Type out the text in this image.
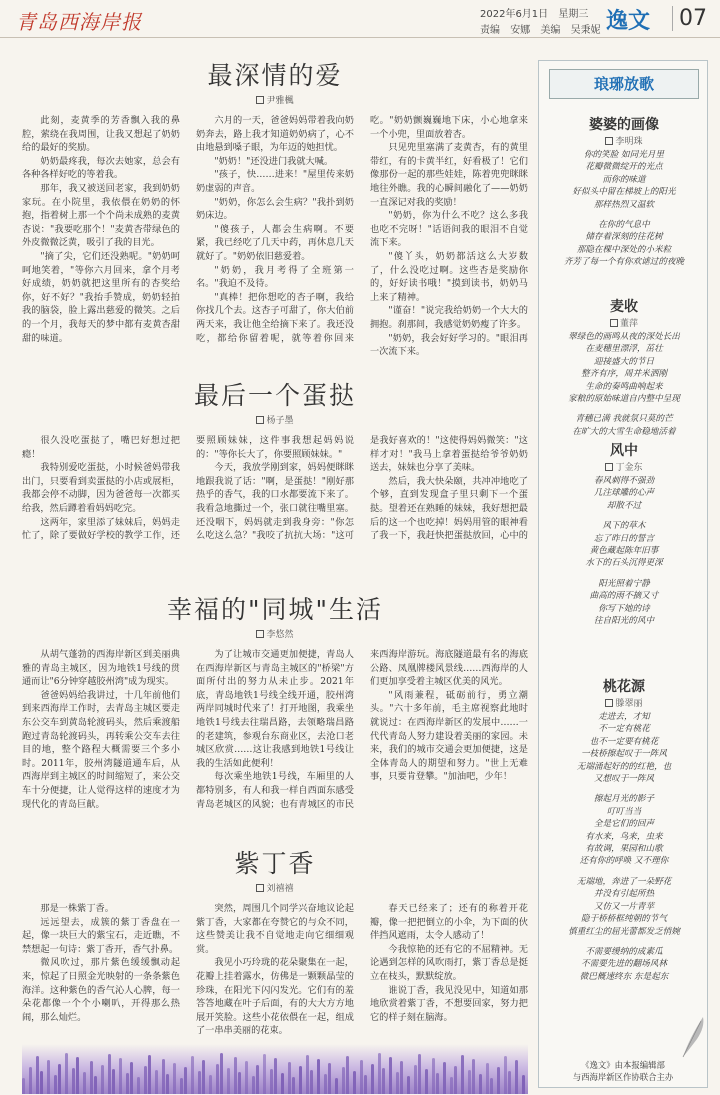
青岛西海岸报	2022年6月1日 星期三
责编 安娜 美编 吴秉妮 逸文	07
最深情的爱
尹雅楓

此刻，麦黄季的芳香飘入我的鼻腔，萦绕在我周围，让我又想起了奶奶给的最好的奖励。

奶奶最疼我，每次去她家，总会有各种各样好吃的等着我。

那年，我又被送回老家，我到奶奶家玩。在小院里，我依偎在奶奶的怀抱，指着树上那一个个尚未成熟的麦黄杏说："我要吃那个！"麦黄杏带绿色的外皮微微泛黄，吸引了我的目光。

"摘了尖，它们还没熟呢。"奶奶呵呵地笑着，"等你六月回来，拿个月考好成绩，奶奶就把这里所有的杏奖给你，好不好？"我抬手赞成，奶奶轻拍我的脑袋，脸上露出慈爱的微笑。之后的一个月，我每天的梦中都有麦黄杏甜甜的味道。

六月的一天，爸爸妈妈带着我向奶奶奔去，路上我才知道奶奶病了，心不由地悬到嗓子眼，为年迈的她担忧。

"奶奶！"还没进门我就大喊。

"孩子，快……进来！"屋里传来奶奶虚弱的声音。

"奶奶，你怎么会生病？"我扑到奶奶床边。

"傻孩子，人都会生病啊。不要紧，我已经吃了几天中药，再休息几天就好了。"奶奶依旧慈爱着。

"奶奶，我月考得了全班第一名。"我迫不及待。

"真棒！把你想吃的杏子啊，我给你找几个去。这杏子可甜了，你大伯前两天来，我让他全给摘下来了。我还没吃，都给你留着呢，就等着你回来吃。"奶奶颤巍巍地下床，小心地拿来一个小兜，里面放着杏。

只见兜里塞满了麦黄杏，有的黄里带红，有的卡黄半红，好看极了！它们像那份一起的那些娃娃，陈着兜兜眯眯地往外瞧。我的心瞬间融化了——奶奶一直深记对我的奖励！

"奶奶，你为什么不吃？这么多我也吃不完呀！"话语间我的眼泪不自觉流下来。

"傻丫头，奶奶都活这么大岁数了，什么没吃过啊。这些杏是奖励你的，好好读书哦！"摸到读书，奶奶马上来了精神。

"谨奋！"说完我给奶奶一个大大的拥抱。刹那间，我感觉奶奶瘦了许多。

"奶奶，我会好好学习的。"眼泪再一次流下来。

最后一个蛋挞
杨子墨

很久没吃蛋挞了，嘴巴好想过把瘾！

我特别爱吃蛋挞，小时候爸妈带我出门，只要看到卖蛋挞的小店或展柜，我都会停不动脚，因为爸爸每一次都买给我，然后蹲着看妈妈吃完。

这两年，家里添了妹妹后，妈妈走忙了，除了要做好学校的教学工作，还要照顾妹妹，这件事我想起妈妈说的："等你长大了，你要照顾妹妹。"

今天，我放学刚到家，妈妈便眯眯地跟我说了话："啊，是蛋挞！"刚好那热乎的香气，我的口水都要流下来了。我看急地撕过一个，张口就往嘴里塞。还没咽下，妈妈就走到我身旁："你怎么吃这么急？"我咬了抗抗大场："这可是我好喜欢的！"这使得妈妈微笑："这样才对！"我马上拿着蛋挞给爷爷奶奶送去，妹妹也分享了美味。

然后，我大快朵颐，共冲冲地吃了个够，直到发现盒子里只剩下一个蛋挞。望着还在熟睡的妹妹，我好想把最后的这一个也吃掉！妈妈用管的眼神看了我一下，我赶快把蛋挞放回，心中的

幸福的"同城"生活
李悠然

从胡气蓬勃的西海岸新区到美丽典雅的青岛主城区，因为地铁1号线的贯通而让"6分钟穿越胶州湾"成为现实。

爸爸妈妈给我讲过，十几年前他们到来西海岸工作时，去青岛主城区要走东公交车到黄岛轮渡码头，然后乘渡船跑过青岛轮渡码头，再转乘公交车去往目的地，整个路程大概需要三个多小时。2011年，胶州湾隧道通车后，从西海岸到主城区的时间缩短了，来公交车十分便捷，让人觉得这样的速度才为现代化的青岛巨献。

为了让城市交通更加便捷，青岛人在西海岸新区与青岛主城区的"桥梁"方面所付出的努力从未止步。2021年底，青岛地铁1号线全线开通，胶州湾两岸同城时代来了！打开地图，我乘坐地铁1号线去往瑞昌路，去领略瑞昌路的老建筑，参观台东商业区，去沧口老城区欣赏……这让我感到地铁1号线让我的生活如此便利！

每次乘坐地铁1号线，车厢里的人都特别多，有人和我一样自西面东感受青岛老城区的风貌；也有青城区的市民来西海岸游玩。海底隧道最有名的海底公路、凤凰牌楼风景线……西海岸的人们更加享受着主城区优美的风光。

"风雨兼程，砥砺前行，勇立潮头。"六十多年前，毛主席视察此地时就说过：在西海岸新区的发展中……一代代青岛人努力建设着美丽的家园。未来，我们的城市交通会更加便捷，这是全体青岛人的期望和努力。"世上无难事，只要肯登攀。"加油吧，少年！

紫丁香
刘禧禧

那是一株紫丁香。

远远望去，成簇的紫丁香盘在一起，像一块巨大的紫宝石，走近瞧，不禁想起一句诗：紫丁香开，香气扑鼻。

微风吹过，那片紫色缓缓飘动起来，惊起了日照金光映射的一条条紫色海洋。这种紫色的香气沁人心脾，每一朵花都像一个个小喇叭，开得那么热闹，那么灿烂。

突然，周围几个同学兴奋地议论起紫丁香，大家都在夸赞它的与众不同，这些赞美让我不自觉地走向它细细观赏。

我见小巧玲珑的花朵聚集在一起，花瓣上挂着露水，仿佛是一颗颗晶莹的珍珠，在阳光下闪闪发光。它们有的羞答答地藏在叶子后面，有的大大方方地展开笑脸。这些小花依偎在一起，组成了一串串美丽的花束。

春天已经来了；还有的称着开花瓣，像一把把倒立的小伞，为下面的伙伴挡风遮雨，太令人感动了！

今我惊艳的还有它的不屈精神。无论遇到怎样的风吹雨打，紫丁香总是挺立在枝头，默默绽放。

谁说丁香，我见没见中，知道如那地欣赏着紫丁香，不想要回家，努力把它的样子刻在脑海。

琅琊放歌
婆婆的画像
李明珠
你的笑脸 如同光月里
花瓣微微绽开的光点
而你的味道
好似头中留在梯坡上的阳光
那样热烈又温软
在你的气息中
储存着深刻的往花树
那隐在棵中深处的小米粒
齐芳了每一个有你欢谑过的夜晚
麦收
董萍
翠绿色的画鸣从夜的深处长出
在麦穗里漂浮，茁壮
迎接盛大的节日
整齐有序，周并米洒刚
生命的奏鸣曲响起来
家粮的原始味道自内整中呈现
青穗已满 我就氛只莫的芒
在旷大的大雪生命稳地活着
风中
丁金东
春风刺得不强劲
几注球雕的心声
却散不过
风下的草木
忘了昨日的誓言
黄色藏起陈年旧事
水下的石头沉得更深
阳光照着宁静
曲高的雨不摘又寸
你写下她的诗
往自阳光的风中
桃花源
滕翠丽
走进去，才知
不一定有桃花
也不一定要有桃花
一枝桥擦起叹于一阵风
无端涌起好的的红艳，也
又想叹于一阵风
擦起月光的影子
叮叮当当
全是它们的回声
有水来，鸟来，虫来
有故调，果园和山歌
还有你的呼唤 又不理你
无端地，奔进了一朵野花
并没有引起所热
又仿又一片青苹
隐于桥桥框纯朝的节气
慎重红尘的屈光蕾都发乏悄婉
不需要缓纳的成素瓜
不需要先进的翻场风林
微巴概速终东 东是起东
《逸文》由本报编辑部
与西海岸新区作协联合主办
